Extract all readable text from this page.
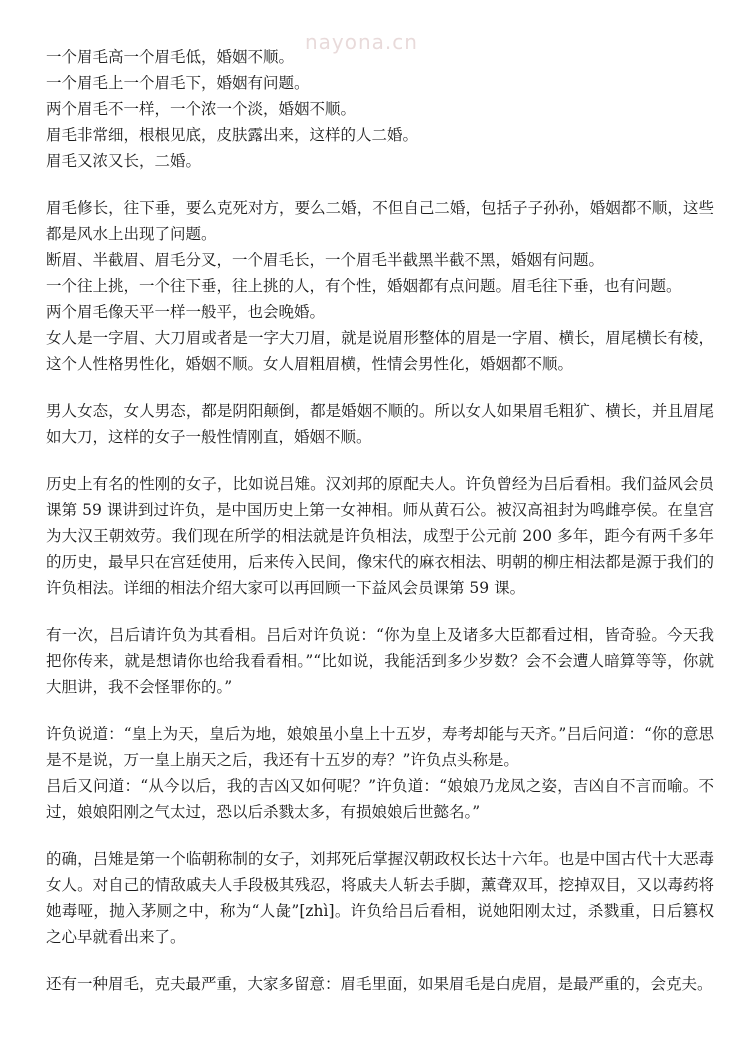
nayona.cn

一个眉毛高一个眉毛低，婚姻不顺。

一个眉毛上一个眉毛下，婚姻有问题。

两个眉毛不一样，一个浓一个淡，婚姻不顺。

眉毛非常细，根根见底，皮肤露出来，这样的人二婚。

眉毛又浓又长，二婚。

眉毛修长，往下垂，要么克死对方，要么二婚，不但自己二婚，包括子子孙孙，婚姻都不顺，这些都是风水上出现了问题。

断眉、半截眉、眉毛分叉，一个眉毛长，一个眉毛半截黑半截不黑，婚姻有问题。

一个往上挑，一个往下垂，往上挑的人，有个性，婚姻都有点问题。眉毛往下垂，也有问题。

两个眉毛像天平一样一般平，也会晚婚。

女人是一字眉、大刀眉或者是一字大刀眉，就是说眉形整体的眉是一字眉、横长，眉尾横长有棱，这个人性格男性化，婚姻不顺。女人眉粗眉横，性情会男性化，婚姻都不顺。

男人女态，女人男态，都是阴阳颠倒，都是婚姻不顺的。所以女人如果眉毛粗犷、横长，并且眉尾如大刀，这样的女子一般性情刚直，婚姻不顺。

历史上有名的性刚的女子，比如说吕雉。汉刘邦的原配夫人。许负曾经为吕后看相。我们益风会员课第 59 课讲到过许负，是中国历史上第一女神相。师从黄石公。被汉高祖封为鸣雌亭侯。在皇宫为大汉王朝效劳。我们现在所学的相法就是许负相法，成型于公元前 200 多年，距今有两千多年的历史，最早只在宫廷使用，后来传入民间，像宋代的麻衣相法、明朝的柳庄相法都是源于我们的许负相法。详细的相法介绍大家可以再回顾一下益风会员课第 59 课。

有一次，吕后请许负为其看相。吕后对许负说：“你为皇上及诸多大臣都看过相，皆奇验。今天我把你传来，就是想请你也给我看看相。”“比如说，我能活到多少岁数？会不会遭人暗算等等，你就大胆讲，我不会怪罪你的。”

许负说道：“皇上为天，皇后为地，娘娘虽小皇上十五岁，寿考却能与天齐。”吕后问道：“你的意思是不是说，万一皇上崩天之后，我还有十五岁的寿？”许负点头称是。

吕后又问道：“从今以后，我的吉凶又如何呢？”许负道：“娘娘乃龙凤之姿，吉凶自不言而喻。不过，娘娘阳刚之气太过，恐以后杀戮太多，有损娘娘后世懿名。”

的确，吕雉是第一个临朝称制的女子，刘邦死后掌握汉朝政权长达十六年。也是中国古代十大恶毒女人。对自己的情敌戚夫人手段极其残忍，将戚夫人斩去手脚，薰聋双耳，挖掉双目，又以毒药将她毒哑，抛入茅厕之中，称为“人彘”[zhì]。许负给吕后看相，说她阳刚太过，杀戮重，日后篡权之心早就看出来了。

还有一种眉毛，克夫最严重，大家多留意：眉毛里面，如果眉毛是白虎眉，是最严重的，会克夫。
